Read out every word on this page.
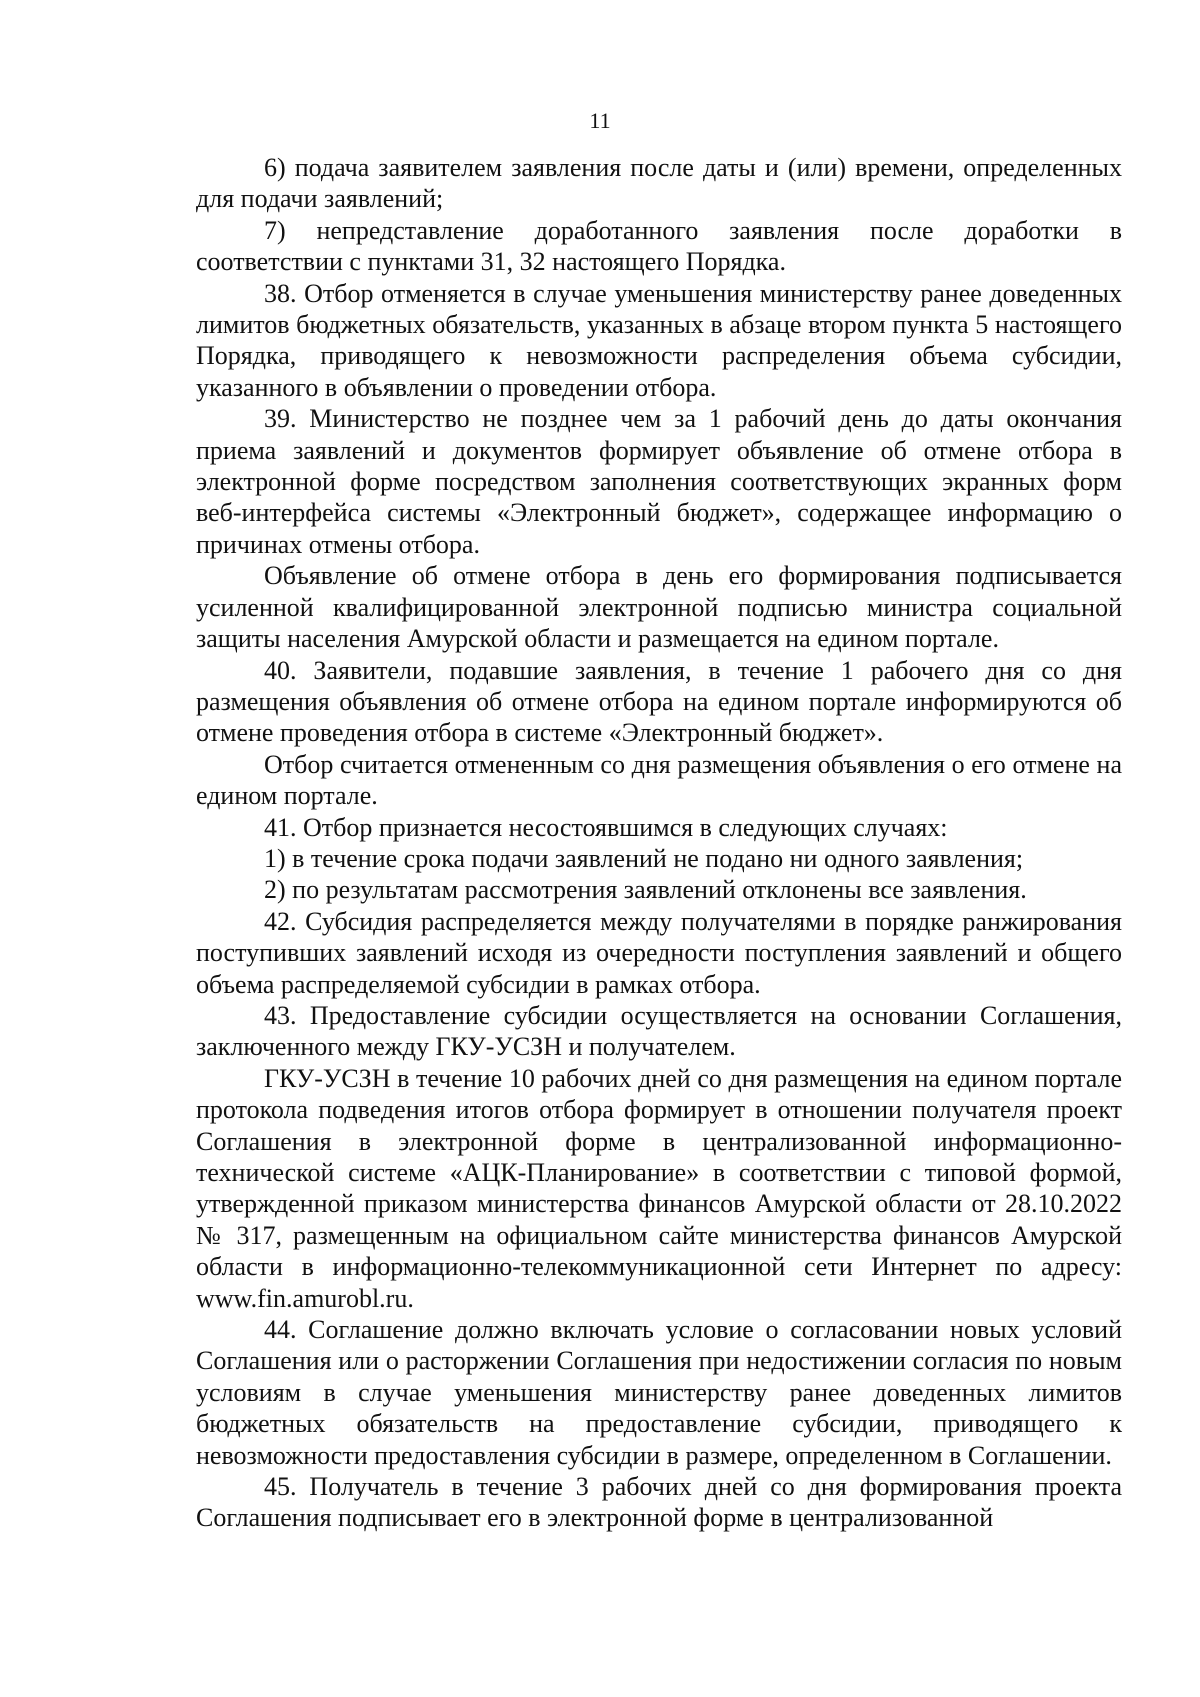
11

6) подача заявителем заявления после даты и (или) времени, определенных для подачи заявлений;

7) непредставление доработанного заявления после доработки в соответствии с пунктами 31, 32 настоящего Порядка.

38. Отбор отменяется в случае уменьшения министерству ранее доведенных лимитов бюджетных обязательств, указанных в абзаце втором пункта 5 настоящего Порядка, приводящего к невозможности распределения объема субсидии, указанного в объявлении о проведении отбора.

39. Министерство не позднее чем за 1 рабочий день до даты окончания приема заявлений и документов формирует объявление об отмене отбора в электронной форме посредством заполнения соответствующих экранных форм веб-интерфейса системы «Электронный бюджет», содержащее информацию о причинах отмены отбора.

Объявление об отмене отбора в день его формирования подписывается усиленной квалифицированной электронной подписью министра социальной защиты населения Амурской области и размещается на едином портале.

40. Заявители, подавшие заявления, в течение 1 рабочего дня со дня размещения объявления об отмене отбора на едином портале информируются об отмене проведения отбора в системе «Электронный бюджет».

Отбор считается отмененным со дня размещения объявления о его отмене на едином портале.

41. Отбор признается несостоявшимся в следующих случаях:

1) в течение срока подачи заявлений не подано ни одного заявления;

2) по результатам рассмотрения заявлений отклонены все заявления.

42. Субсидия распределяется между получателями в порядке ранжирования поступивших заявлений исходя из очередности поступления заявлений и общего объема распределяемой субсидии в рамках отбора.

43. Предоставление субсидии осуществляется на основании Соглашения, заключенного между ГКУ-УСЗН и получателем.

ГКУ-УСЗН в течение 10 рабочих дней со дня размещения на едином портале протокола подведения итогов отбора формирует в отношении получателя проект Соглашения в электронной форме в централизованной информационно-технической системе «АЦК-Планирование» в соответствии с типовой формой, утвержденной приказом министерства финансов Амурской области от 28.10.2022 № 317, размещенным на официальном сайте министерства финансов Амурской области в информационно-телекоммуникационной сети Интернет по адресу: www.fin.amurobl.ru.

44. Соглашение должно включать условие о согласовании новых условий Соглашения или о расторжении Соглашения при недостижении согласия по новым условиям в случае уменьшения министерству ранее доведенных лимитов бюджетных обязательств на предоставление субсидии, приводящего к невозможности предоставления субсидии в размере, определенном в Соглашении.

45. Получатель в течение 3 рабочих дней со дня формирования проекта Соглашения подписывает его в электронной форме в централизованной
